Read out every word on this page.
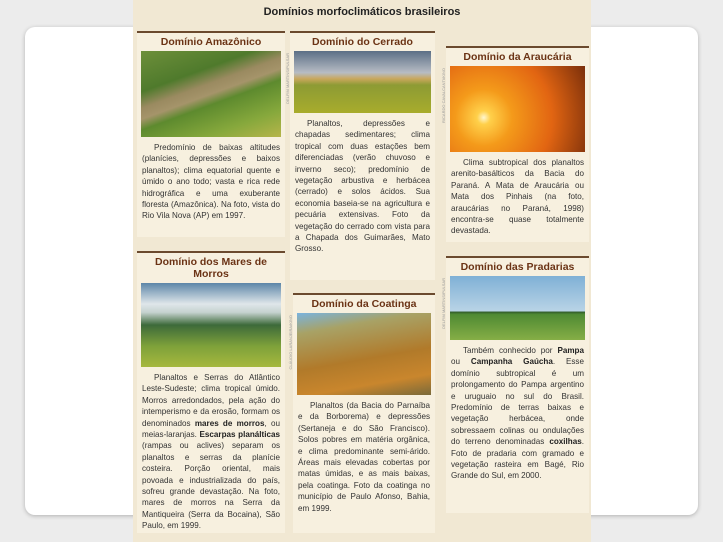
Domínios morfoclimáticos brasileiros
Domínio Amazônico

Predomínio de baixas altitudes (planícies, depressões e baixos planaltos); clima equatorial quente e úmido o ano todo; vasta e rica rede hidrográfica e uma exuberante floresta (Amazônica). Na foto, vista do Rio Vila Nova (AP) em 1997.

Domínio do Cerrado
DELFIM MARTINS/PULSAR

Planaltos, depressões e chapadas sedimentares; clima tropical com duas estações bem diferenciadas (verão chuvoso e inverno seco); predomínio de vegetação arbustiva e herbácea (cerrado) e solos ácidos. Sua economia baseia-se na agricultura e pecuária extensivas. Foto da vegetação do cerrado com vista para a Chapada dos Guimarães, Mato Grosso.

Domínio da Araucária
RICARDO CAVALCANTI/KINO

Clima subtropical dos planaltos arenito-basálticos da Bacia do Paraná. A Mata de Araucária ou Mata dos Pinhais (na foto, araucárias no Paraná, 1998) encontra-se quase totalmente devastada.

Domínio dos Mares de Morros

Planaltos e Serras do Atlântico Leste-Sudeste; clima tropical úmido. Morros arredondados, pela ação do intemperismo e da erosão, formam os denominados mares de morros, ou meias-laranjas. Escarpas planálticas (rampas ou aclives) separam os planaltos e serras da planície costeira. Porção oriental, mais povoada e industrializada do país, sofreu grande devastação. Na foto, mares de morros na Serra da Mantiqueira (Serra da Bocaina), São Paulo, em 1999.

Domínio da Coatinga
CLÁUDIO LARANJEIRA/KINO

Planaltos (da Bacia do Parnaíba e da Borborema) e depressões (Sertaneja e do São Francisco). Solos pobres em matéria orgânica, e clima predominante semi-árido. Áreas mais elevadas cobertas por matas úmidas, e as mais baixas, pela coatinga. Foto da coatinga no município de Paulo Afonso, Bahia, em 1999.

Domínio das Pradarias
DELFIM MARTINS/PULSAR

Também conhecido por Pampa ou Campanha Gaúcha. Esse domínio subtropical é um prolongamento do Pampa argentino e uruguaio no sul do Brasil. Predomínio de terras baixas e vegetação herbácea, onde sobressaem colinas ou ondulações do terreno denominadas coxilhas. Foto de pradaria com gramado e vegetação rasteira em Bagé, Rio Grande do Sul, em 2000.
